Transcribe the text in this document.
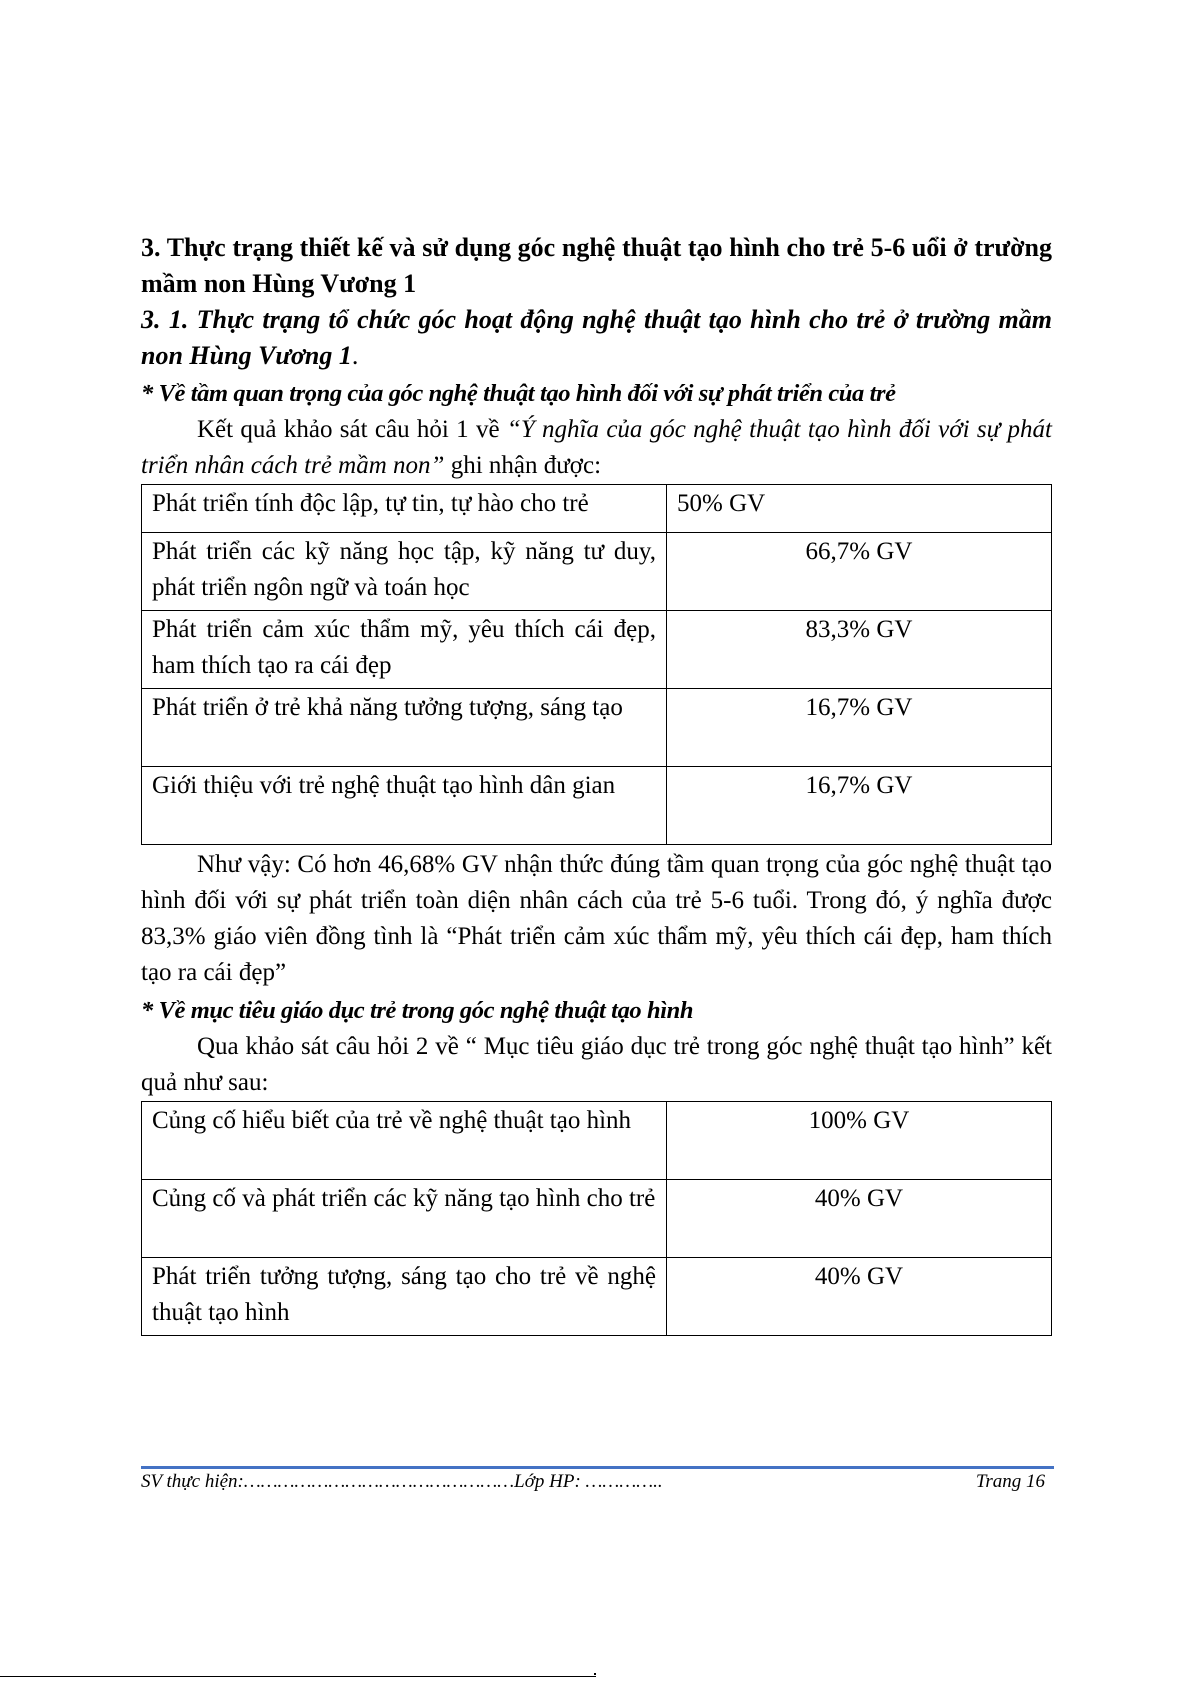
3. Thực trạng thiết kế và sử dụng góc nghệ thuật tạo hình cho trẻ 5-6 uổi ở trường mầm non Hùng Vương 1

3. 1. Thực trạng tổ chức góc hoạt động nghệ thuật tạo hình cho trẻ ở trường mầm non Hùng Vương 1.

* Về tầm quan trọng của góc nghệ thuật tạo hình đối với sự phát triển của trẻ

Kết quả khảo sát câu hỏi 1 về “Ý nghĩa của góc nghệ thuật tạo hình đối với sự phát triển nhân cách trẻ mầm non” ghi nhận được:

Phát triển tính độc lập, tự tin, tự hào cho trẻ	50% GV
Phát triển các kỹ năng học tập, kỹ năng tư duy, phát triển ngôn ngữ và toán học	66,7% GV
Phát triển cảm xúc thẩm mỹ, yêu thích cái đẹp, ham thích tạo ra cái đẹp	83,3% GV
Phát triển ở trẻ khả năng tưởng tượng, sáng tạo	16,7% GV
Giới thiệu với trẻ nghệ thuật tạo hình dân gian	16,7% GV

Như vậy: Có hơn 46,68% GV nhận thức đúng tầm quan trọng của góc nghệ thuật tạo hình đối với sự phát triển toàn diện nhân cách của trẻ 5-6 tuổi. Trong đó, ý nghĩa được 83,3% giáo viên đồng tình là “Phát triển cảm xúc thẩm mỹ, yêu thích cái đẹp, ham thích tạo ra cái đẹp”

* Về mục tiêu giáo dục trẻ trong góc nghệ thuật tạo hình

Qua khảo sát câu hỏi 2 về “ Mục tiêu giáo dục trẻ trong góc nghệ thuật tạo hình” kết quả như sau:

Củng cố hiểu biết của trẻ về nghệ thuật tạo hình	100% GV
Củng cố và phát triển các kỹ năng tạo hình cho trẻ	40% GV
Phát triển tưởng tượng, sáng tạo cho trẻ về nghệ thuật tạo hình	40% GV
SV thực hiện:…………………………………………Lớp HP: …………..	Trang 16
